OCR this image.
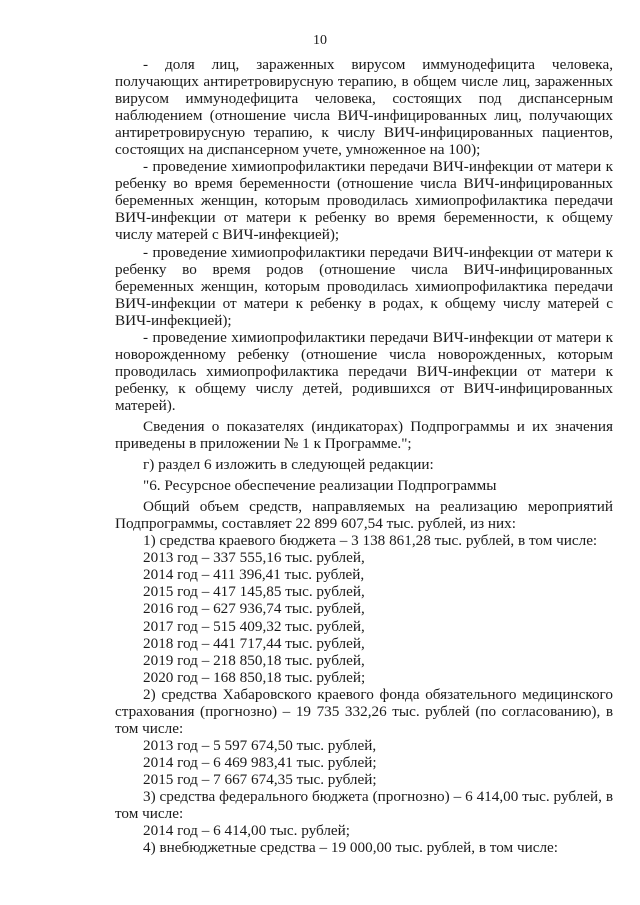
10

- доля лиц, зараженных вирусом иммунодефицита человека, получающих антиретровирусную терапию, в общем числе лиц, зараженных вирусом иммунодефицита человека, состоящих под диспансерным наблюдением (отношение числа ВИЧ-инфицированных лиц, получающих антиретровирусную терапию, к числу ВИЧ-инфицированных пациентов, состоящих на диспансерном учете, умноженное на 100);

- проведение химиопрофилактики передачи ВИЧ-инфекции от матери к ребенку во время беременности (отношение числа ВИЧ-инфицированных беременных женщин, которым проводилась химиопрофилактика передачи ВИЧ-инфекции от матери к ребенку во время беременности, к общему числу матерей с ВИЧ-инфекцией);

- проведение химиопрофилактики передачи ВИЧ-инфекции от матери к ребенку во время родов (отношение числа ВИЧ-инфицированных беременных женщин, которым проводилась химиопрофилактика передачи ВИЧ-инфекции от матери к ребенку в родах, к общему числу матерей с ВИЧ-инфекцией);

- проведение химиопрофилактики передачи ВИЧ-инфекции от матери к новорожденному ребенку (отношение числа новорожденных, которым проводилась химиопрофилактика передачи ВИЧ-инфекции от матери к ребенку, к общему числу детей, родившихся от ВИЧ-инфицированных матерей).

Сведения о показателях (индикаторах) Подпрограммы и их значения приведены в приложении № 1 к Программе.";

г) раздел 6 изложить в следующей редакции:

"6. Ресурсное обеспечение реализации Подпрограммы

Общий объем средств, направляемых на реализацию мероприятий Подпрограммы, составляет 22 899 607,54 тыс. рублей, из них:

1) средства краевого бюджета – 3 138 861,28 тыс. рублей, в том числе:

2013 год – 337 555,16 тыс. рублей,

2014 год – 411 396,41 тыс. рублей,

2015 год – 417 145,85 тыс. рублей,

2016 год – 627 936,74 тыс. рублей,

2017 год – 515 409,32 тыс. рублей,

2018 год – 441 717,44 тыс. рублей,

2019 год – 218 850,18 тыс. рублей,

2020 год – 168 850,18 тыс. рублей;

2) средства Хабаровского краевого фонда обязательного медицинского страхования (прогнозно) – 19 735 332,26 тыс. рублей (по согласованию), в том числе:

2013 год – 5 597 674,50 тыс. рублей,

2014 год – 6 469 983,41 тыс. рублей;

2015 год – 7 667 674,35 тыс. рублей;

3) средства федерального бюджета (прогнозно) – 6 414,00 тыс. рублей, в том числе:

2014 год – 6 414,00 тыс. рублей;

4) внебюджетные средства – 19 000,00 тыс. рублей, в том числе:
